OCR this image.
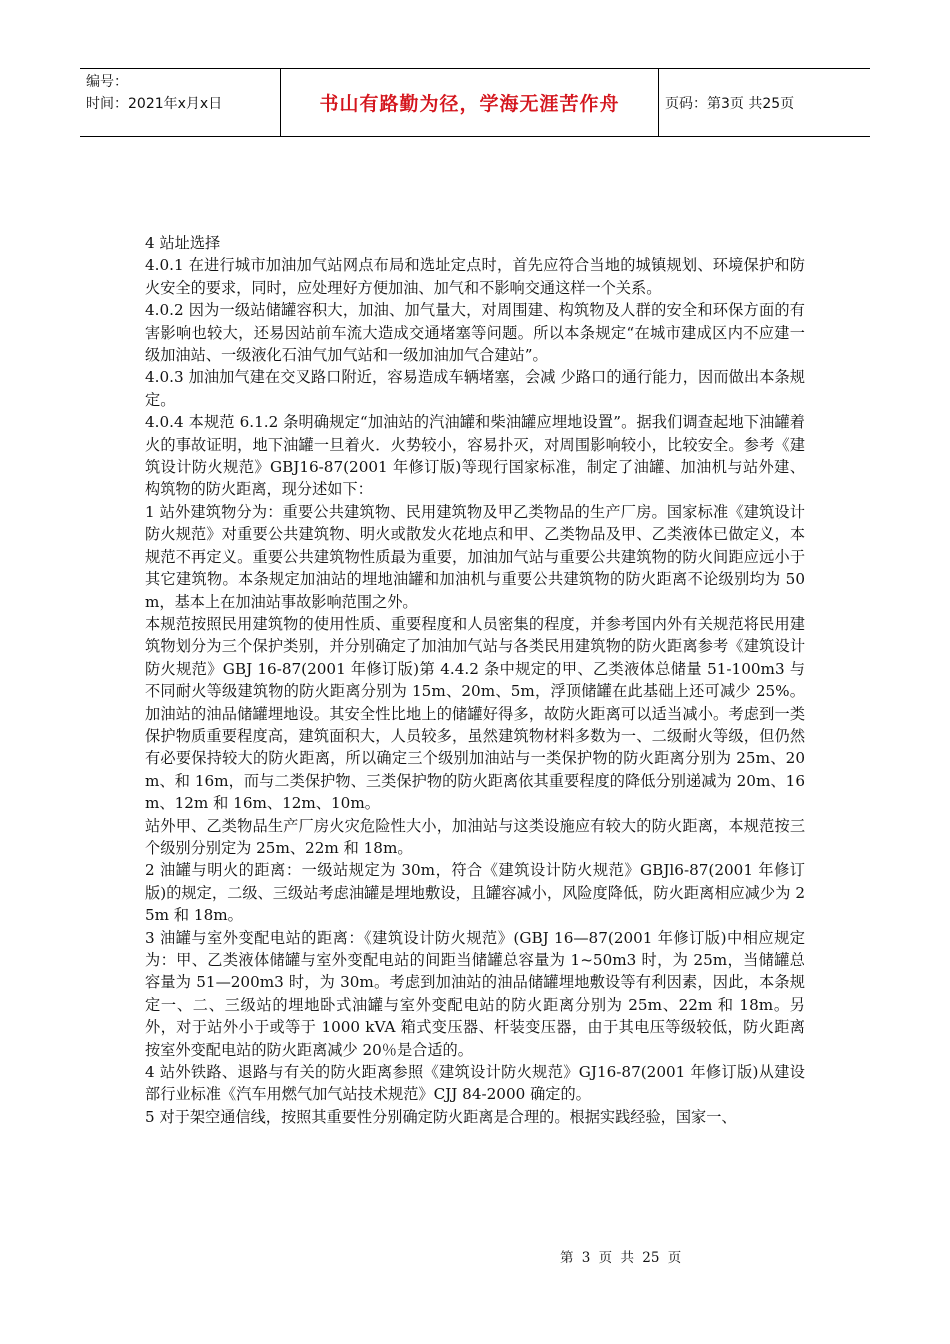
编号：
时间：2021年x月x日	书山有路勤为径，学海无涯苦作舟	页码：第3页 共25页

4 站址选择

4.0.1 在进行城市加油加气站网点布局和选址定点时，首先应符合当地的城镇规划、环境保护和防火安全的要求，同时，应处理好方便加油、加气和不影响交通这样一个关系。

4.0.2 因为一级站储罐容积大，加油、加气量大，对周围建、构筑物及人群的安全和环保方面的有害影响也较大，还易因站前车流大造成交通堵塞等问题。所以本条规定“在城市建成区内不应建一级加油站、一级液化石油气加气站和一级加油加气合建站”。

4.0.3 加油加气建在交叉路口附近，容易造成车辆堵塞，会减 少路口的通行能力，因而做出本条规定。

4.0.4 本规范 6.1.2 条明确规定“加油站的汽油罐和柴油罐应埋地设置”。据我们调查起地下油罐着火的事故证明，地下油罐一旦着火．火势较小，容易扑灭，对周围影响较小，比较安全。参考《建筑设计防火规范》GBJ16-87(2001 年修订版)等现行国家标准，制定了油罐、加油机与站外建、构筑物的防火距离，现分述如下：

1 站外建筑物分为：重要公共建筑物、民用建筑物及甲乙类物品的生产厂房。国家标准《建筑设计防火规范》对重要公共建筑物、明火或散发火花地点和甲、乙类物品及甲、乙类液体已做定义，本规范不再定义。重要公共建筑物性质最为重要，加油加气站与重要公共建筑物的防火间距应远小于其它建筑物。本条规定加油站的埋地油罐和加油机与重要公共建筑物的防火距离不论级别均为 50m，基本上在加油站事故影响范围之外。

本规范按照民用建筑物的使用性质、重要程度和人员密集的程度，并参考国内外有关规范将民用建筑物划分为三个保护类别，并分别确定了加油加气站与各类民用建筑物的防火距离参考《建筑设计防火规范》GBJ 16-87(2001 年修订版)第 4.4.2 条中规定的甲、乙类液体总储量 51-100m3 与不同耐火等级建筑物的防火距离分别为 15m、20m、5m，浮顶储罐在此基础上还可减少 25%。加油站的油品储罐埋地设。其安全性比地上的储罐好得多，故防火距离可以适当减小。考虑到一类保护物质重要程度高，建筑面积大，人员较多，虽然建筑物材料多数为一、二级耐火等级，但仍然有必要保持较大的防火距离，所以确定三个级别加油站与一类保护物的防火距离分别为 25m、20m、和 16m，而与二类保护物、三类保护物的防火距离依其重要程度的降低分别递减为 20m、16m、12m 和 16m、12m、10m。

站外甲、乙类物品生产厂房火灾危险性大小，加油站与这类设施应有较大的防火距离，本规范按三个级别分别定为 25m、22m 和 18m。

2 油罐与明火的距离：一级站规定为 30m，符合《建筑设计防火规范》GBJl6-87(2001 年修订版)的规定，二级、三级站考虑油罐是埋地敷设，且罐容减小，风险度降低，防火距离相应减少为 25m 和 18m。

3 油罐与室外变配电站的距离：《建筑设计防火规范》(GBJ 16—87(2001 年修订版)中相应规定为：甲、乙类液体储罐与室外变配电站的间距当储罐总容量为 1~50m3 时，为 25m，当储罐总容量为 51—200m3 时，为 30m。考虑到加油站的油品储罐埋地敷设等有利因素，因此，本条规定一、二、三级站的埋地卧式油罐与室外变配电站的防火距离分别为 25m、22m 和 18m。另外，对于站外小于或等于 1000 kVA 箱式变压器、杆装变压器，由于其电压等级较低，防火距离按室外变配电站的防火距离减少 20％是合适的。

4 站外铁路、退路与有关的防火距离参照《建筑设计防火规范》GJ16-87(2001 年修订版)从建设部行业标准《汽车用燃气加气站技术规范》CJJ 84-2000 确定的。

5 对于架空通信线，按照其重要性分别确定防火距离是合理的。根据实践经验，国家一、

第 3 页 共 25 页
